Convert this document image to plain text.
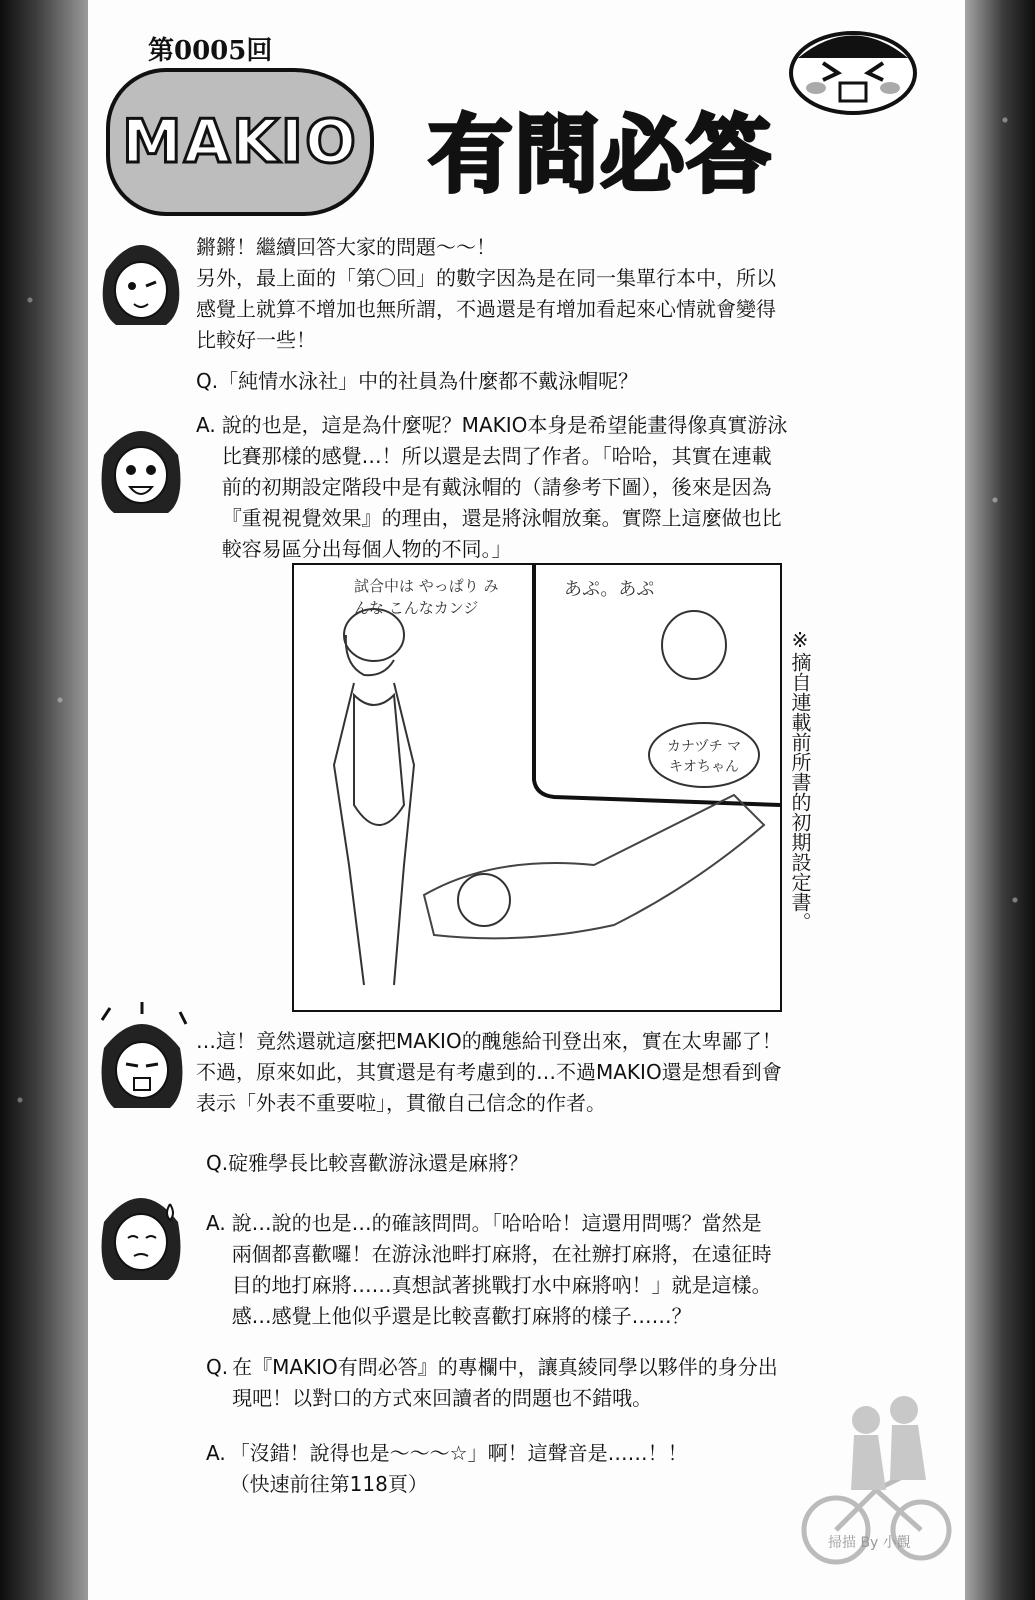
第0005回
MAKIO 有問必答
鏘鏘！繼續回答大家的問題～～！
另外，最上面的「第〇回」的數字因為是在同一集單行本中，所以
感覺上就算不增加也無所謂，不過還是有增加看起來心情就會變得
比較好一些！
Q.「純情水泳社」中的社員為什麼都不戴泳帽呢？
A. 說的也是，這是為什麼呢？MAKIO本身是希望能畫得像真實游泳
比賽那樣的感覺…！所以還是去問了作者。「哈哈，其實在連載
前的初期設定階段中是有戴泳帽的（請參考下圖），後來是因為
『重視視覺效果』的理由，還是將泳帽放棄。實際上這麼做也比
較容易區分出每個人物的不同。」
試合中は やっぱり みんな こんなカンジ
あぷ。あぷ
カナヅチ マキオちゃん ※摘自連載前所書的初期設定書。
…這！竟然還就這麼把MAKIO的醜態給刊登出來，實在太卑鄙了！
不過，原來如此，其實還是有考慮到的…不過MAKIO還是想看到會
表示「外表不重要啦」，貫徹自己信念的作者。
Q.碇雅學長比較喜歡游泳還是麻將？
A. 說…說的也是…的確該問問。「哈哈哈！這還用問嗎？當然是
兩個都喜歡囉！在游泳池畔打麻將，在社辦打麻將，在遠征時
目的地打麻將……真想試著挑戰打水中麻將吶！」就是這樣。
感…感覺上他似乎還是比較喜歡打麻將的樣子……？
Q. 在『MAKIO有問必答』的專欄中，讓真綾同學以夥伴的身分出
現吧！以對口的方式來回讀者的問題也不錯哦。
A. 「沒錯！說得也是～～～☆」啊！這聲音是……！！
（快速前往第118頁）
掃描 By 小觀
